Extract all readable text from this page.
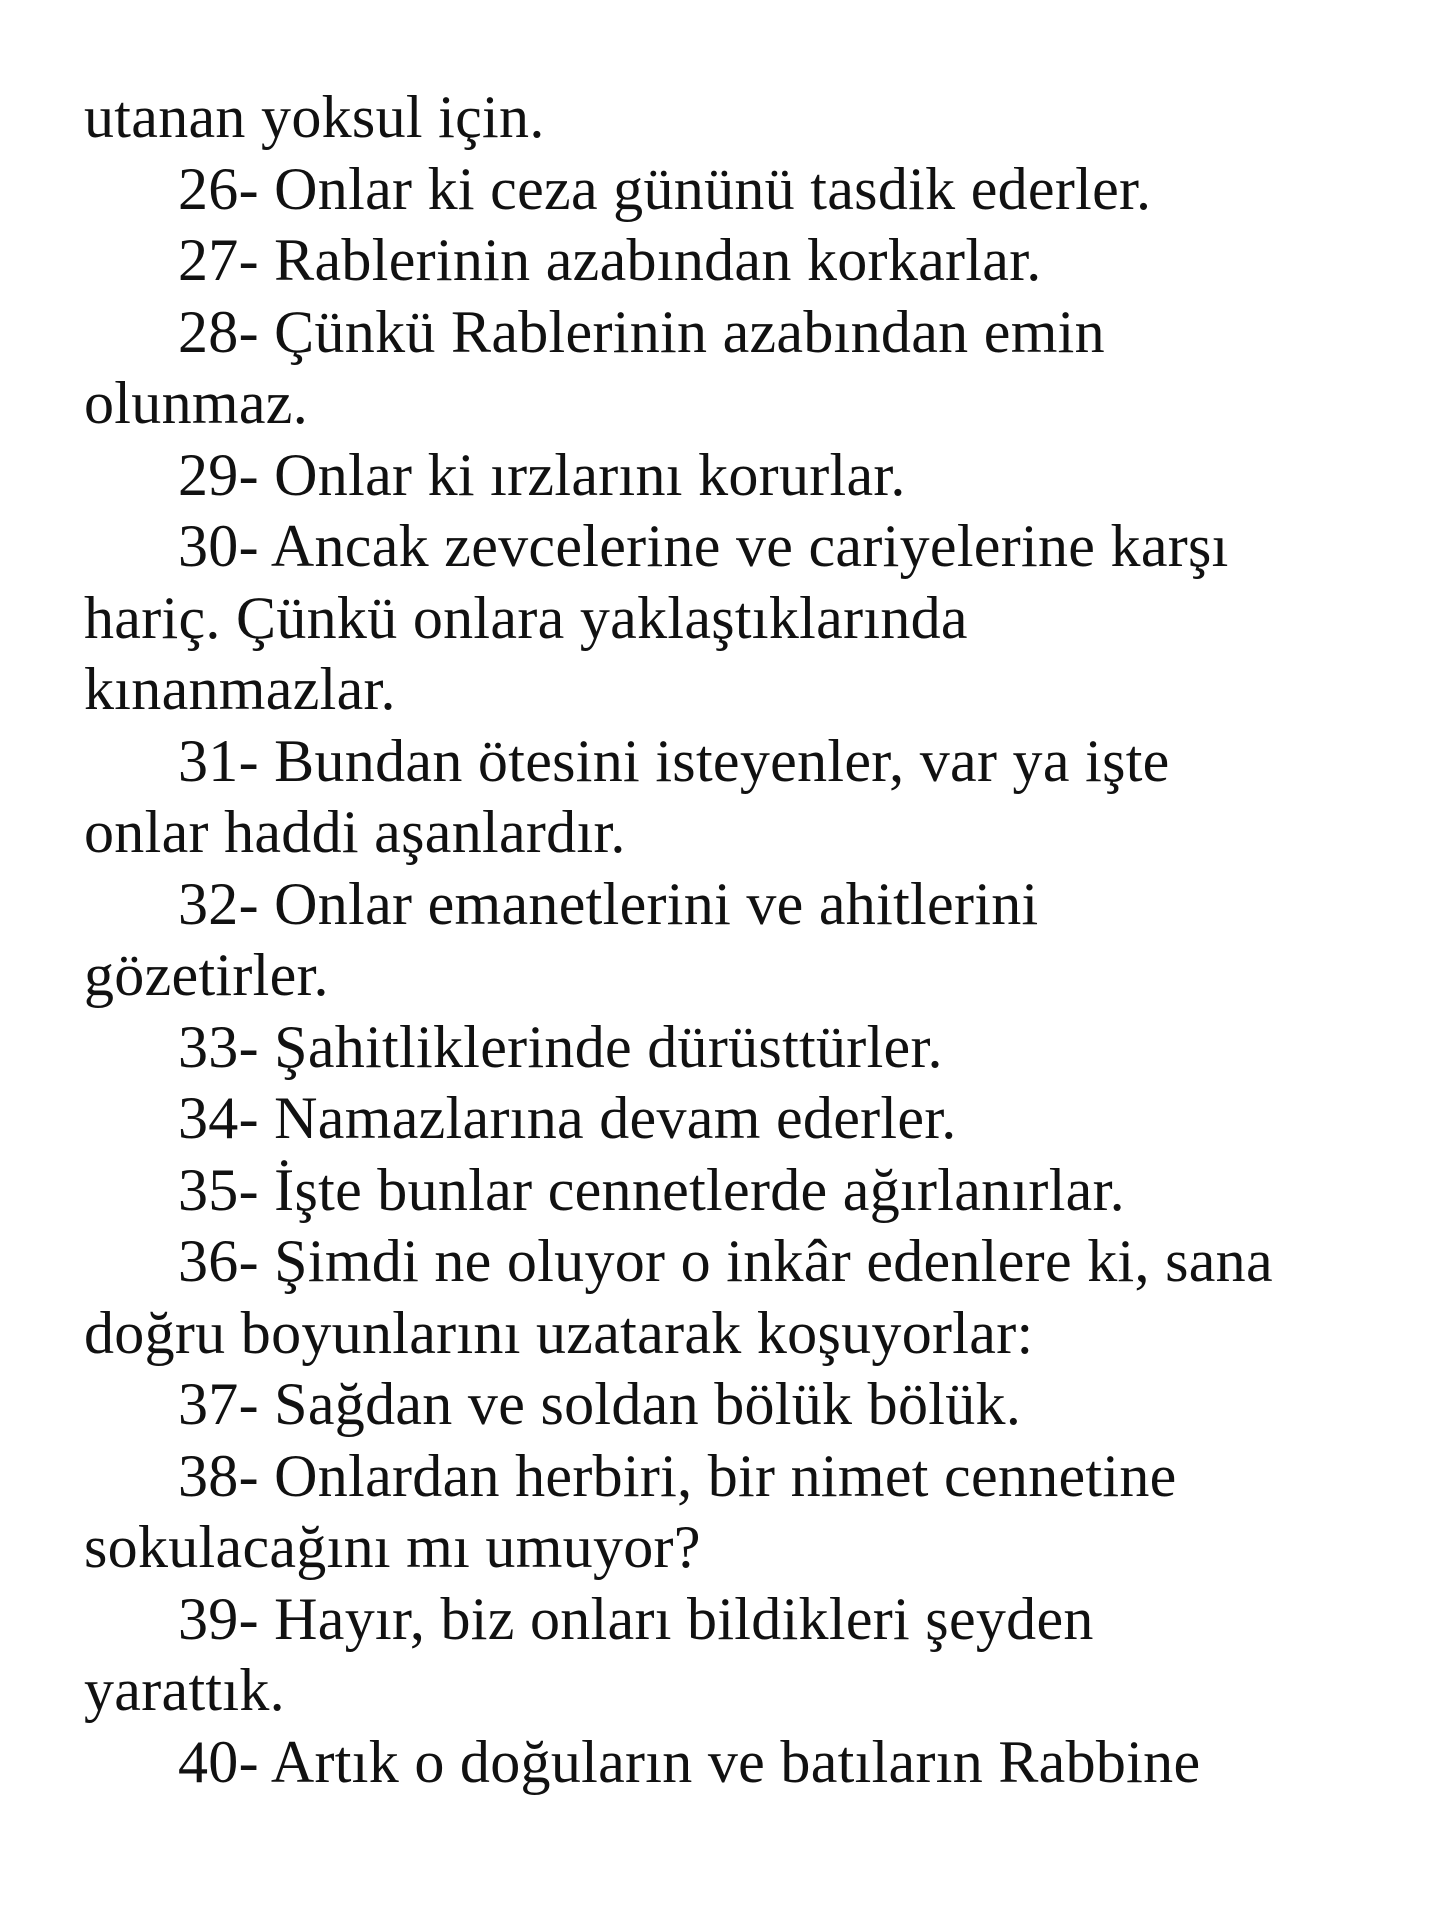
utanan yoksul için.
26- Onlar ki ceza gününü tasdik ederler.
27- Rablerinin azabından korkarlar.
28- Çünkü Rablerinin azabından emin
olunmaz.
29- Onlar ki ırzlarını korurlar.
30- Ancak zevcelerine ve cariyelerine karşı
hariç. Çünkü onlara yaklaştıklarında
kınanmazlar.
31- Bundan ötesini isteyenler, var ya işte
onlar haddi aşanlardır.
32- Onlar emanetlerini ve ahitlerini
gözetirler.
33- Şahitliklerinde dürüsttürler.
34- Namazlarına devam ederler.
35- İşte bunlar cennetlerde ağırlanırlar.
36- Şimdi ne oluyor o inkâr edenlere ki, sana
doğru boyunlarını uzatarak koşuyorlar:
37- Sağdan ve soldan bölük bölük.
38- Onlardan herbiri, bir nimet cennetine
sokulacağını mı umuyor?
39- Hayır, biz onları bildikleri şeyden
yarattık.
40- Artık o doğuların ve batıların Rabbine
